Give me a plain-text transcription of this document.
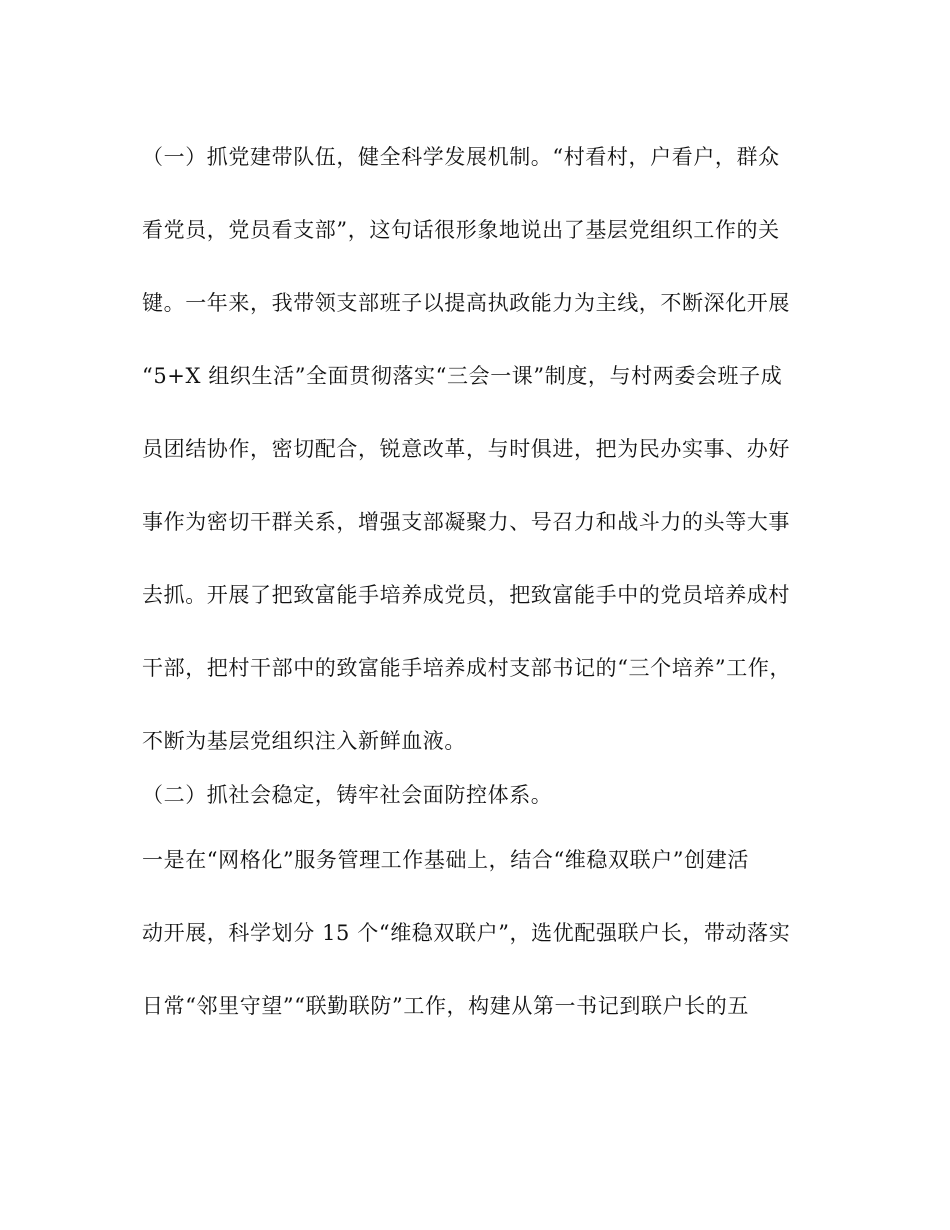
（一）抓党建带队伍，健全科学发展机制。“村看村，户看户，群众
看党员，党员看支部”，这句话很形象地说出了基层党组织工作的关
键。一年来，我带领支部班子以提高执政能力为主线，不断深化开展
“5+X 组织生活”全面贯彻落实“三会一课”制度，与村两委会班子成
员团结协作，密切配合，锐意改革，与时俱进，把为民办实事、办好
事作为密切干群关系，增强支部凝聚力、号召力和战斗力的头等大事
去抓。开展了把致富能手培养成党员，把致富能手中的党员培养成村
干部，把村干部中的致富能手培养成村支部书记的“三个培养”工作，
不断为基层党组织注入新鲜血液。
（二）抓社会稳定，铸牢社会面防控体系。
一是在“网格化”服务管理工作基础上，结合“维稳双联户”创建活
动开展，科学划分 15 个“维稳双联户”，选优配强联户长，带动落实
日常“邻里守望”“联勤联防”工作，构建从第一书记到联户长的五
